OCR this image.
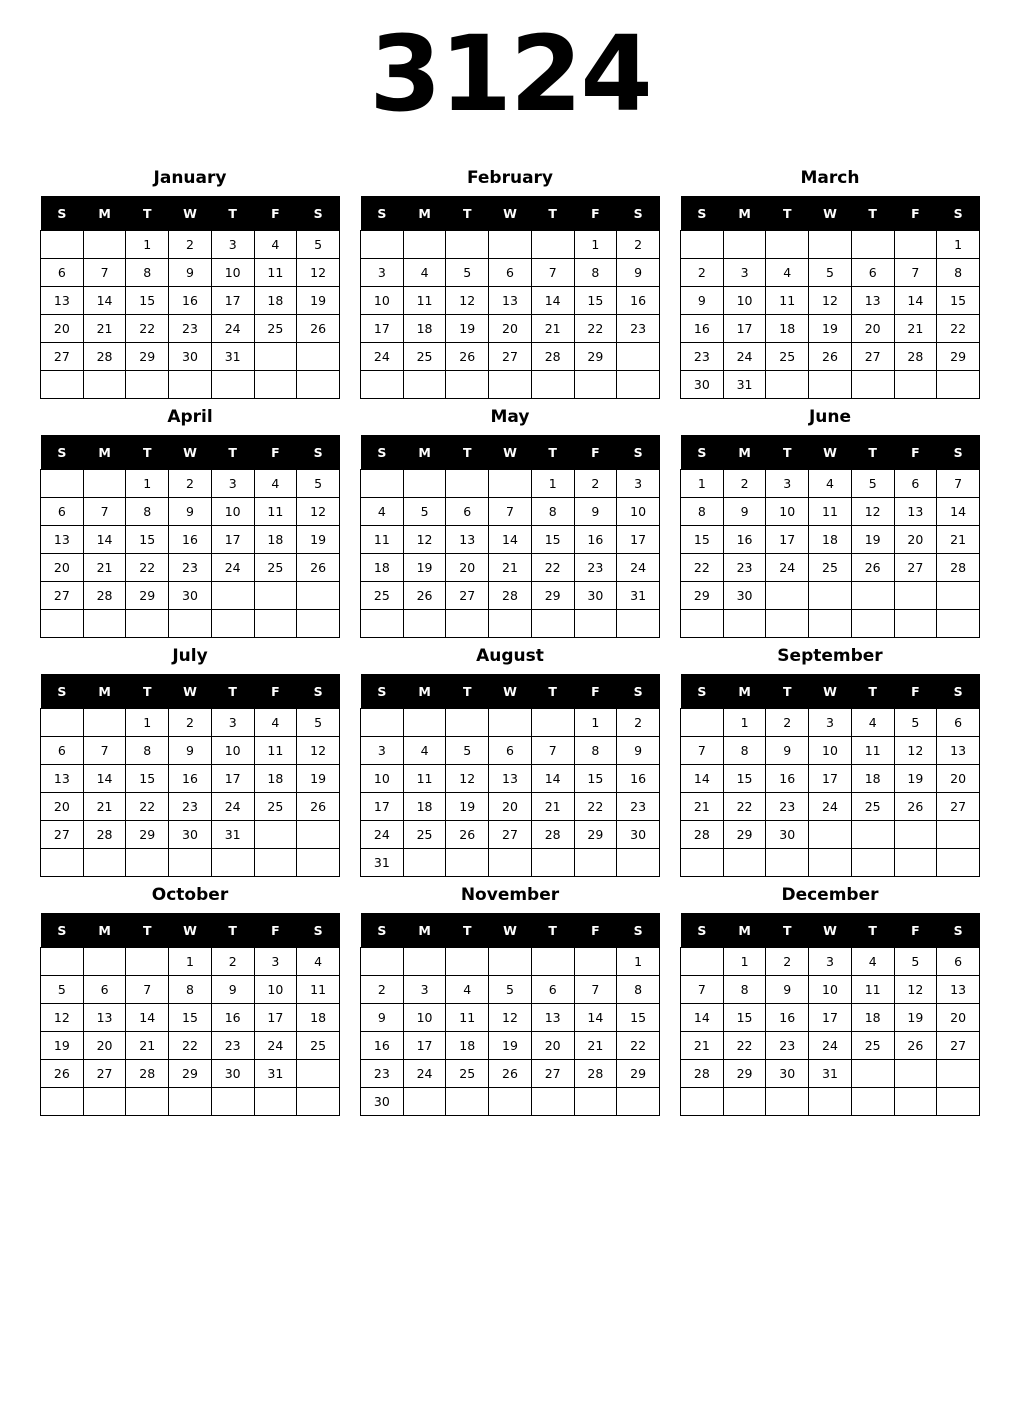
3124
January
S	M	T	W	T	F	S
		1	2	3	4	5
6	7	8	9	10	11	12
13	14	15	16	17	18	19
20	21	22	23	24	25	26
27	28	29	30	31		

February
S	M	T	W	T	F	S
					1	2
3	4	5	6	7	8	9
10	11	12	13	14	15	16
17	18	19	20	21	22	23
24	25	26	27	28	29	

March
S	M	T	W	T	F	S
						1
2	3	4	5	6	7	8
9	10	11	12	13	14	15
16	17	18	19	20	21	22
23	24	25	26	27	28	29
30	31					
April
S	M	T	W	T	F	S
		1	2	3	4	5
6	7	8	9	10	11	12
13	14	15	16	17	18	19
20	21	22	23	24	25	26
27	28	29	30			

May
S	M	T	W	T	F	S
				1	2	3
4	5	6	7	8	9	10
11	12	13	14	15	16	17
18	19	20	21	22	23	24
25	26	27	28	29	30	31

June
S	M	T	W	T	F	S
1	2	3	4	5	6	7
8	9	10	11	12	13	14
15	16	17	18	19	20	21
22	23	24	25	26	27	28
29	30					

July
S	M	T	W	T	F	S
		1	2	3	4	5
6	7	8	9	10	11	12
13	14	15	16	17	18	19
20	21	22	23	24	25	26
27	28	29	30	31		

August
S	M	T	W	T	F	S
					1	2
3	4	5	6	7	8	9
10	11	12	13	14	15	16
17	18	19	20	21	22	23
24	25	26	27	28	29	30
31						
September
S	M	T	W	T	F	S
	1	2	3	4	5	6
7	8	9	10	11	12	13
14	15	16	17	18	19	20
21	22	23	24	25	26	27
28	29	30				

October
S	M	T	W	T	F	S
			1	2	3	4
5	6	7	8	9	10	11
12	13	14	15	16	17	18
19	20	21	22	23	24	25
26	27	28	29	30	31	

November
S	M	T	W	T	F	S
						1
2	3	4	5	6	7	8
9	10	11	12	13	14	15
16	17	18	19	20	21	22
23	24	25	26	27	28	29
30						
December
S	M	T	W	T	F	S
	1	2	3	4	5	6
7	8	9	10	11	12	13
14	15	16	17	18	19	20
21	22	23	24	25	26	27
28	29	30	31			
